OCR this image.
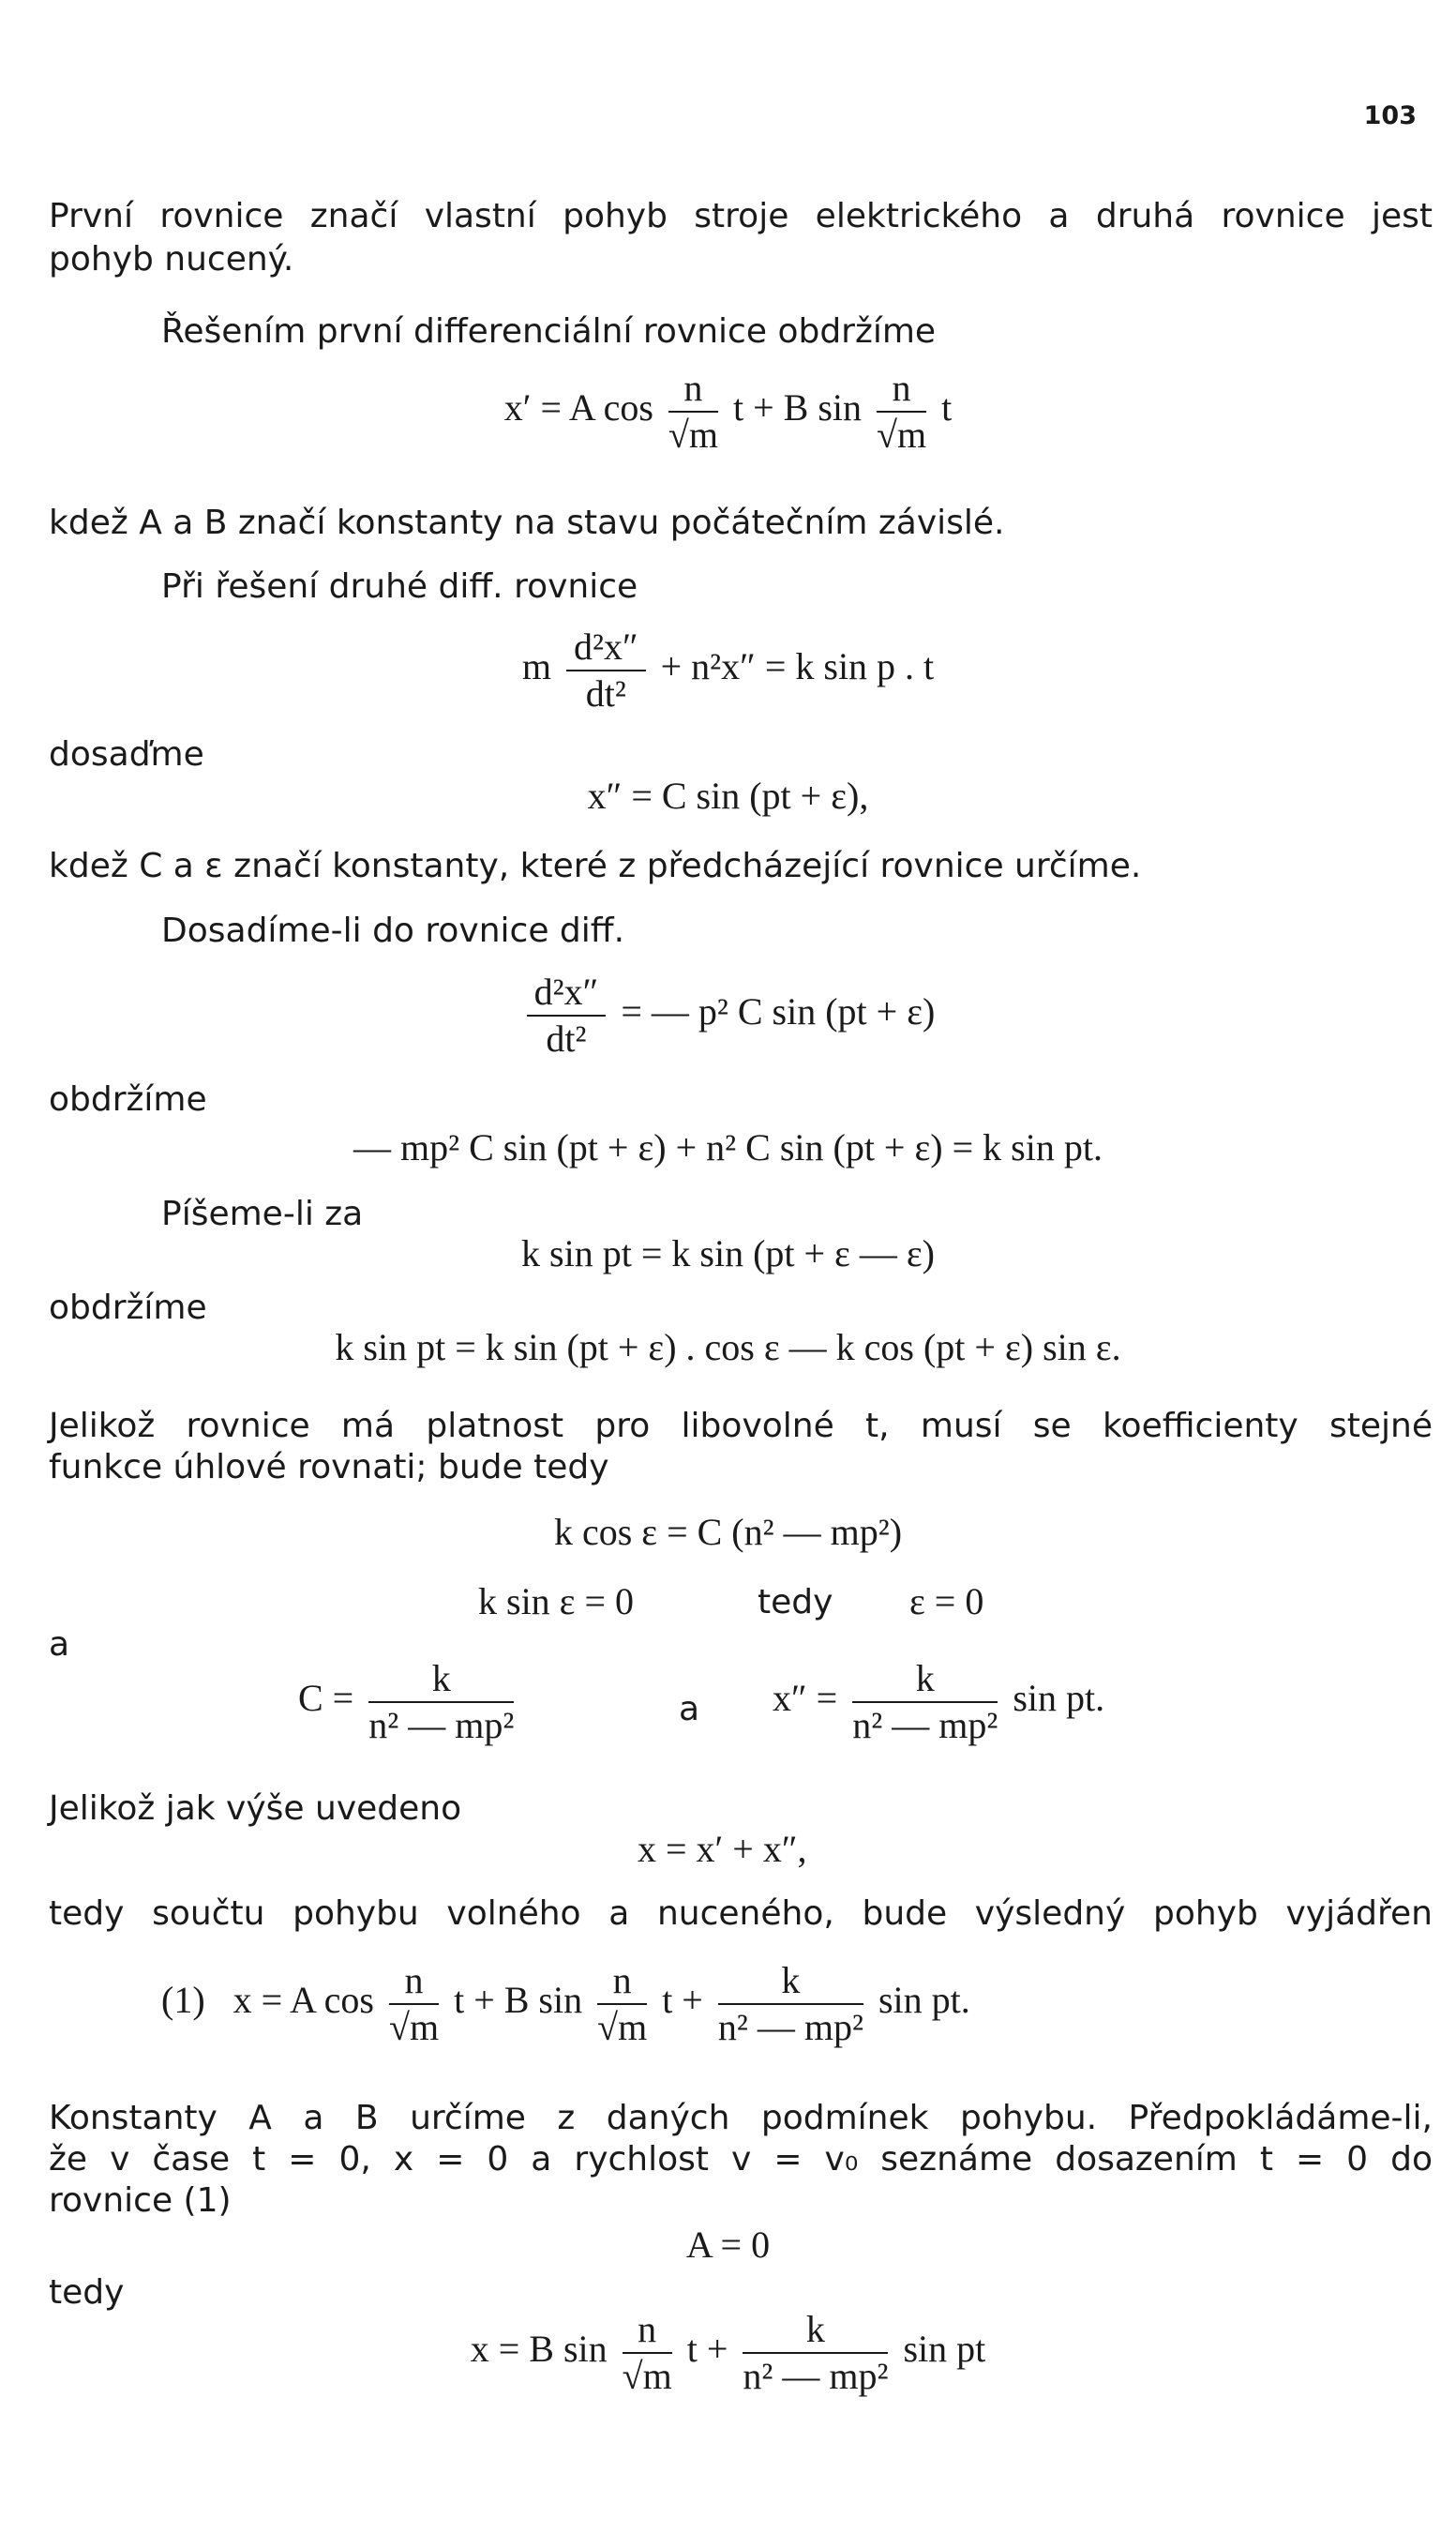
103
První rovnice značí vlastní pohyb stroje elektrického a druhá rovnice jest
pohyb nucený.
Řešením první differenciální rovnice obdržíme
x′ = A $\cos \frac{n}{√m}$ t + B $\sin \frac{n}{√m}$ t
kdež A a B značí konstanty na stavu počátečním závislé.
Při řešení druhé diff. rovnice
m $\frac{\text{d²x″}}{\text{dt²}} + n^2x'' = k$ sin p . t
dosaďme
x″ = C sin (pt + ε),
kdež C a ε značí konstanty, které z předcházející rovnice určíme.
Dosadíme-li do rovnice diff.
$\frac{\text{d²x″}}{\text{dt²}}$ = — p² C sin (pt + ε)
obdržíme
— mp² C sin (pt + ε) + n² C sin (pt + ε) = k sin pt.
Píšeme-li za
k sin pt = k sin (pt + ε — ε)
obdržíme
k sin pt = k sin (pt + ε) . cos ε — k cos (pt + ε) sin ε.
Jelikož rovnice má platnost pro libovolné t, musí se koefficienty stejné
funkce úhlové rovnati; bude tedy
k cos ε = C (n² — mp²)
k sin ε = 0	tedy ε = 0
a
$C = \frac{k}{\text{n² — mp²}}$	a $x'' = \frac{k}{\text{n² — mp²}}$ sin pt.
Jelikož jak výše uvedeno
x = x′ + x″,
tedy součtu pohybu volného a nuceného, bude výsledný pohyb vyjádřen
(1) x = A $\cos \frac{n}{√m}$ t + B $\sin \frac{n}{√m}$ $t + \frac{k}{\text{n² — mp²}}$ sin pt.
Konstanty A a B určíme z daných podmínek pohybu. Předpokládáme-li,
že v čase t = 0, x = 0 a rychlost v = v₀ seznáme dosazením t = 0 do
rovnice (1)
A = 0
tedy
x = B $\sin \frac{n}{√m}$ $t + \frac{k}{\text{n² — mp²}}$ sin pt
